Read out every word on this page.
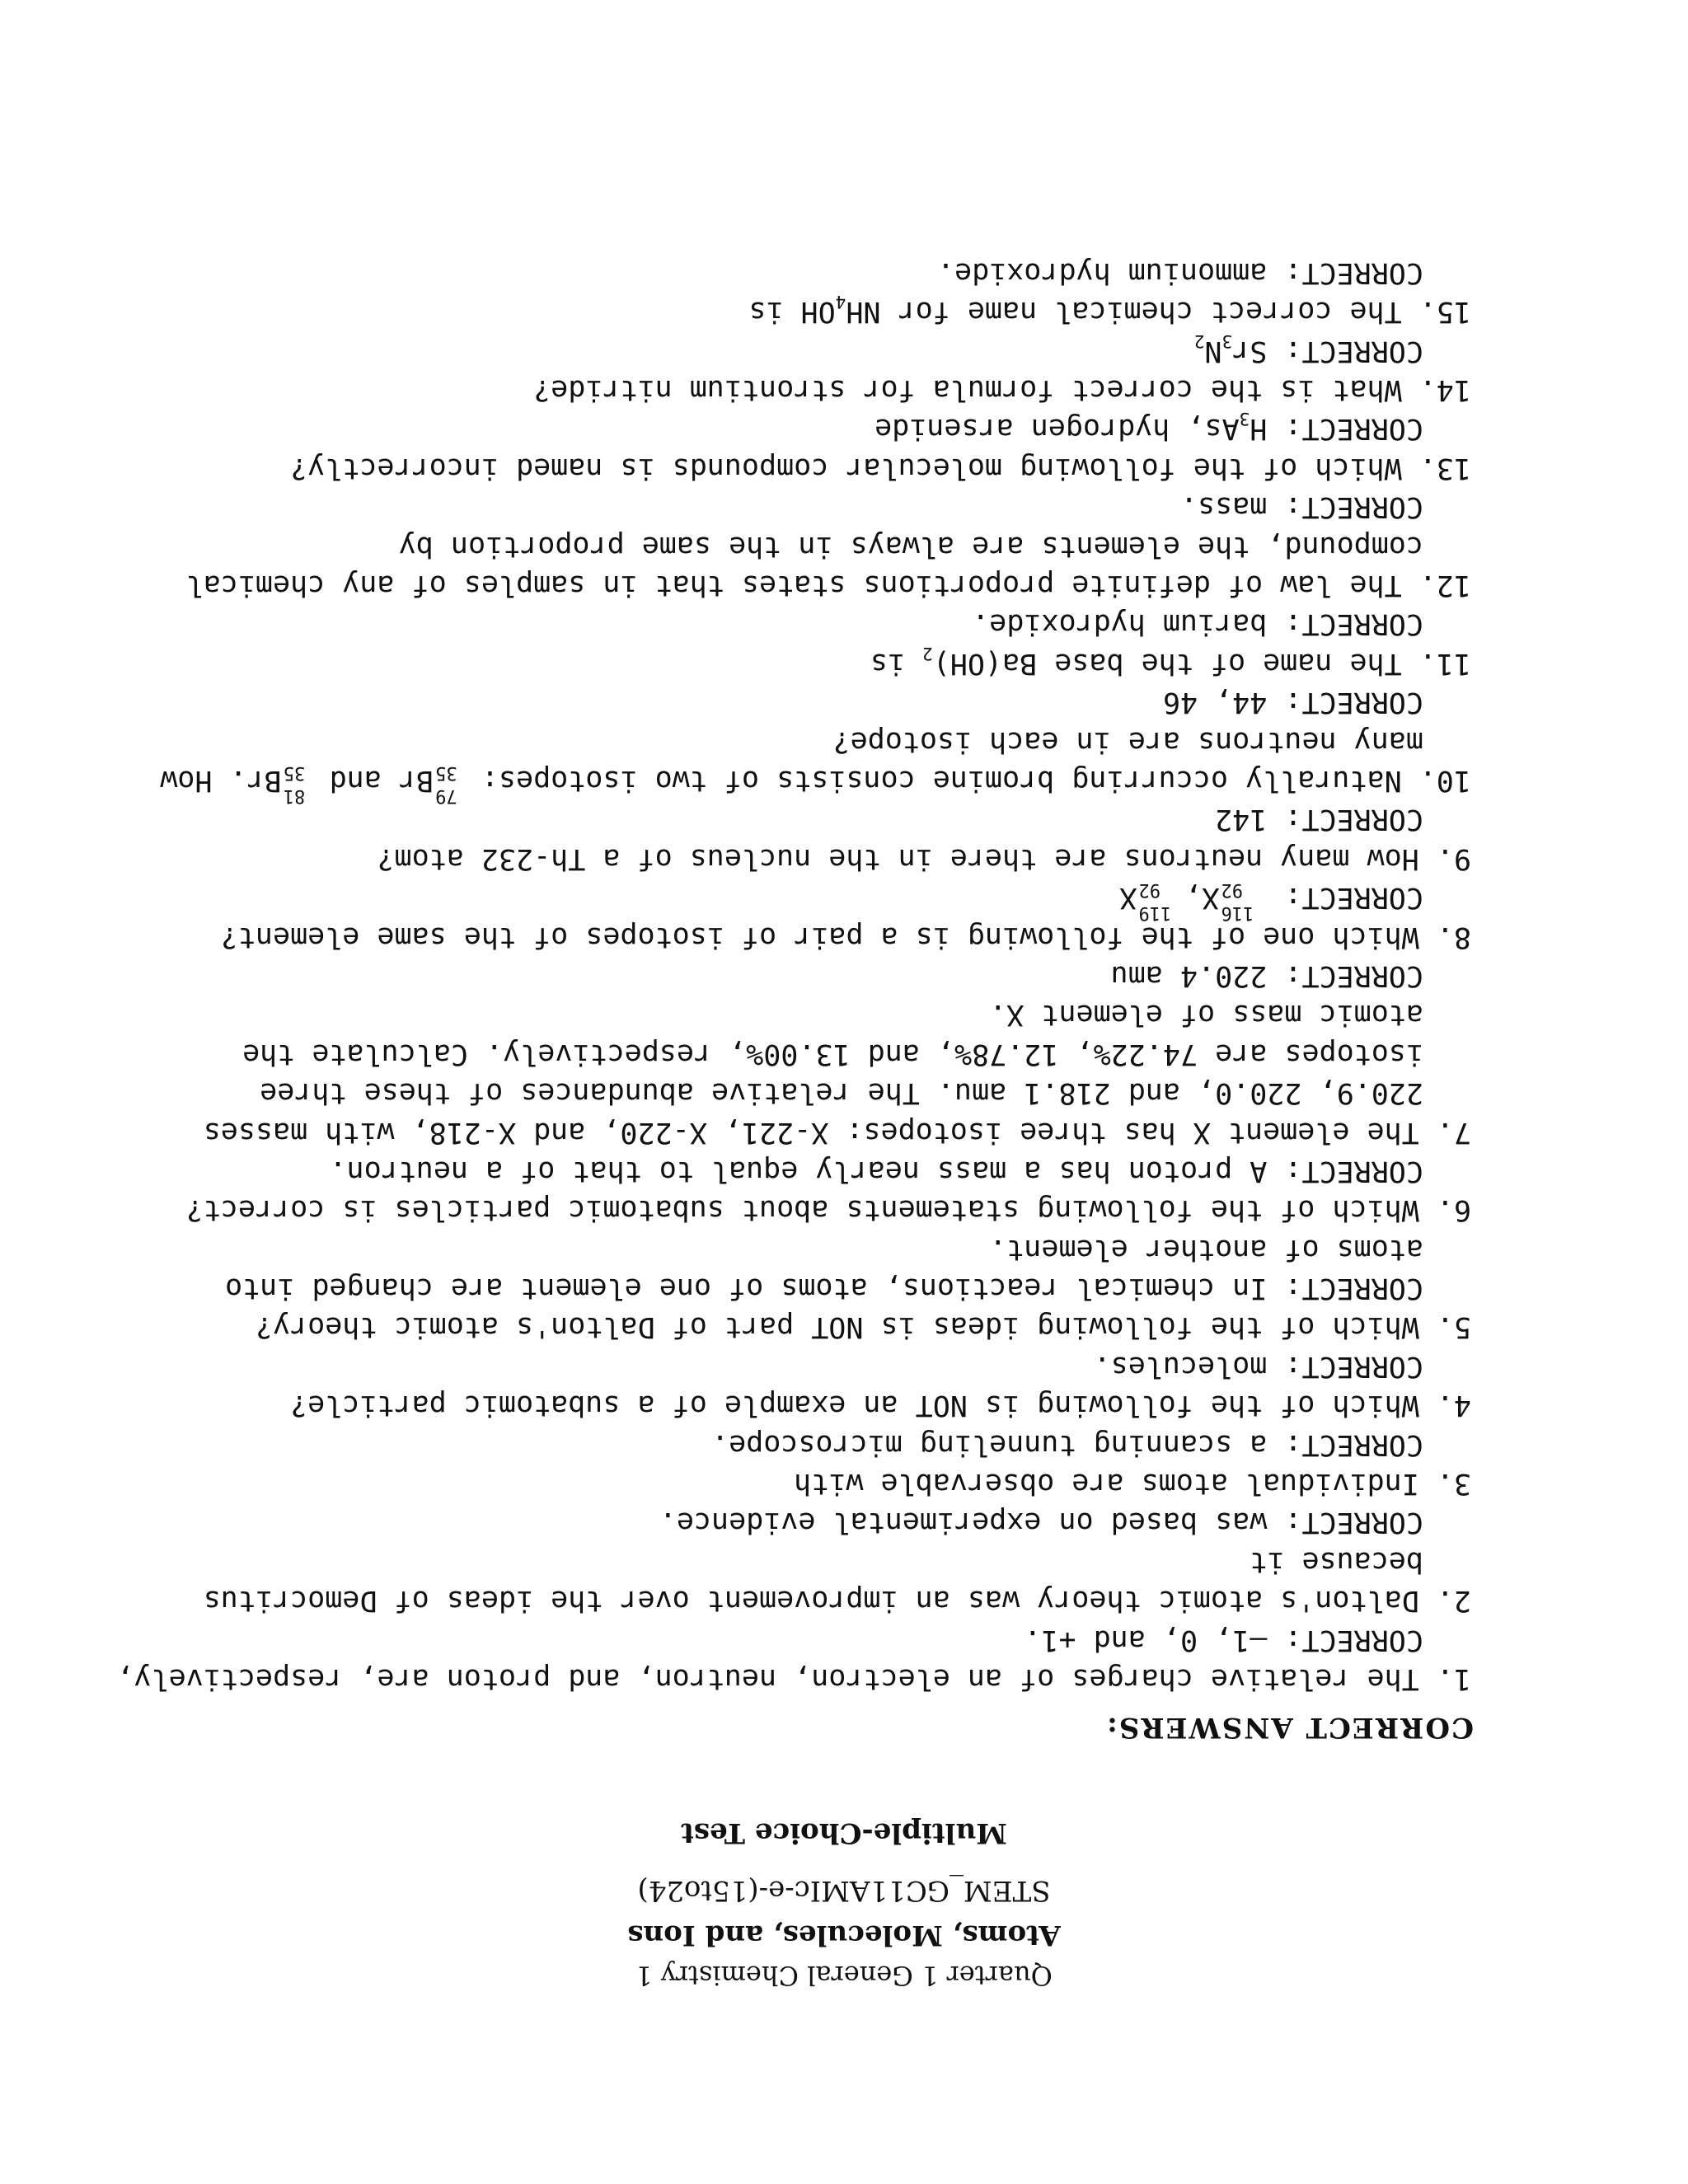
Quarter 1 General Chemistry 1
Atoms, Molecules, and Ions
STEM_GC11AMIc-e-(15to24)
Multiple-Choice Test
CORRECT ANSWERS:
1. The relative charges of an electron, neutron, and proton are, respectively,
CORRECT: –1, 0, and +1.
2. Dalton's atomic theory was an improvement over the ideas of Democritus
because it
CORRECT: was based on experimental evidence.
3. Individual atoms are observable with
CORRECT: a scanning tunneling microscope.
4. Which of the following is NOT an example of a subatomic particle?
CORRECT: molecules.
5. Which of the following ideas is NOT part of Dalton's atomic theory?
CORRECT: In chemical reactions, atoms of one element are changed into
atoms of another element.
6. Which of the following statements about subatomic particles is correct?
CORRECT: A proton has a mass nearly equal to that of a neutron.
7. The element X has three isotopes: X-221, X-220, and X-218, with masses
220.9, 220.0, and 218.1 amu. The relative abundances of these three
isotopes are 74.22%, 12.78%, and 13.00%, respectively. Calculate the
atomic mass of element X.
CORRECT: 220.4 amu
8. Which one of the following is a pair of isotopes of the same element?
CORRECT:
116
92
X,
119
92
X
9. How many neutrons are there in the nucleus of a Th-232 atom?
CORRECT: 142
10. Naturally occurring bromine consists of two isotopes:
79
35
Br and
81
35
Br. How
many neutrons are in each isotope?
CORRECT: 44, 46
11. The name of the base $Ba(OH)_2$ is
CORRECT: barium hydroxide.
12. The law of definite proportions states that in samples of any chemical
compound, the elements are always in the same proportion by
CORRECT: mass.
13. Which of the following molecular compounds is named incorrectly?
CORRECT: $H_3As$, hydrogen arsenide
14. What is the correct formula for strontium nitride?
CORRECT: $Sr_3N_2$
15. The correct chemical name for $NH_4OH$ is
CORRECT: ammonium hydroxide.
